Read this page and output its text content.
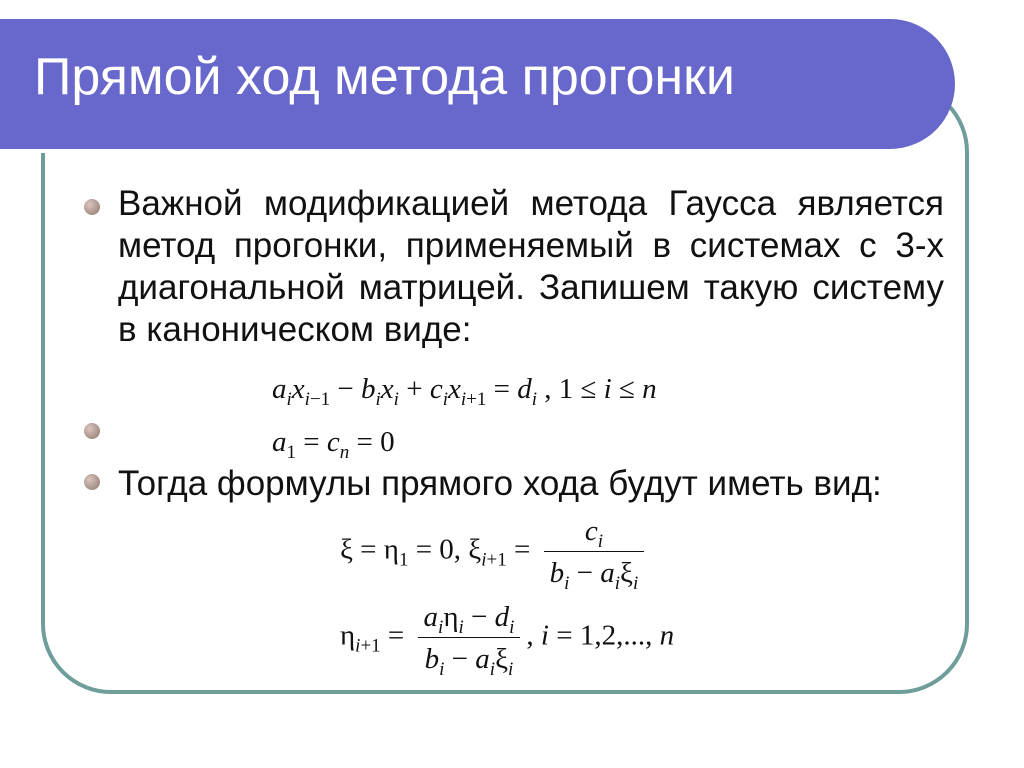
Прямой ход метода прогонки

Важной модификацией метода Гаусса является метод прогонки, применяемый в системах с 3-х диагональной матрицей. Запишем такую систему в каноническом виде:

$a_ix_{i-1} - b_ix_i + c_ix_{i+1} = d_i$ , 1 ≤ i ≤ n
$a_1 = c_n = 0$

Тогда формулы прямого хода будут иметь вид:

$\xi = \eta_1 = 0$, $\xi_{i+1} = \frac{c_i}{b_i - a_i\xi_i}$
$\eta_{i+1} = \frac{a_i\eta_i - d_i}{b_i - a_i\xi_i}$ , i = 1,2,..., n
